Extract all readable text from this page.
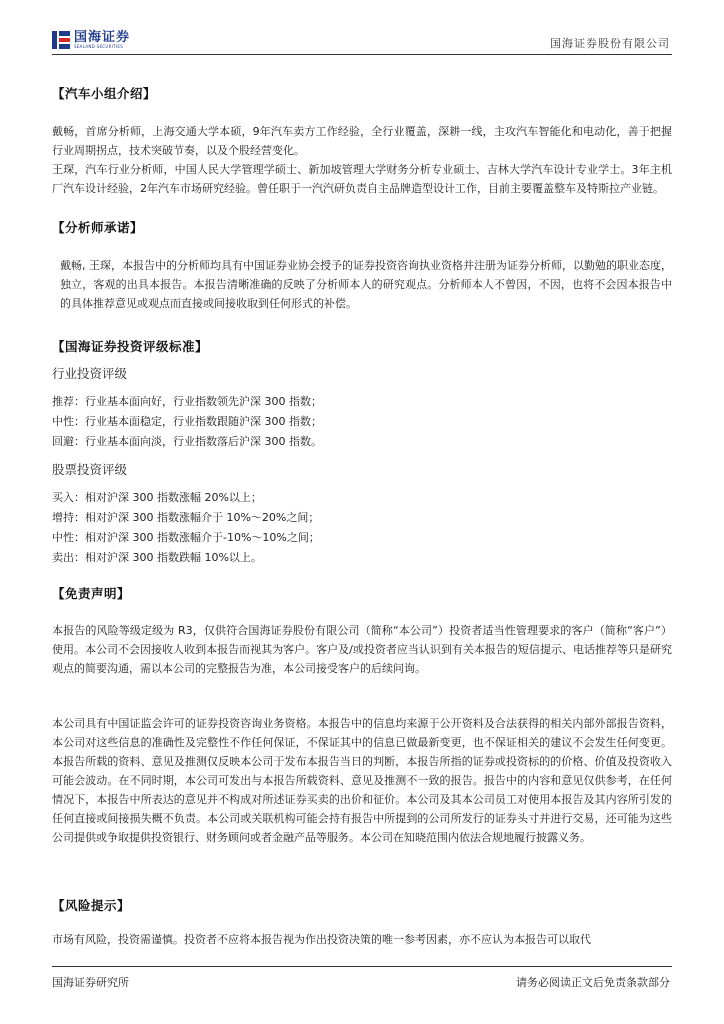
国海证券
SEALAND SECURITIES	国海证券股份有限公司
【汽车小组介绍】

戴畅，首席分析师，上海交通大学本硕，9年汽车卖方工作经验，全行业覆盖，深耕一线，主攻汽车智能化和电动化，善于把握行业周期拐点，技术突破节奏，以及个股经营变化。

王琛，汽车行业分析师，中国人民大学管理学硕士、新加坡管理大学财务分析专业硕士、吉林大学汽车设计专业学士。3年主机厂汽车设计经验，2年汽车市场研究经验。曾任职于一汽汽研负责自主品牌造型设计工作，目前主要覆盖整车及特斯拉产业链。

【分析师承诺】

戴畅, 王琛，本报告中的分析师均具有中国证券业协会授予的证券投资咨询执业资格并注册为证券分析师，以勤勉的职业态度，独立，客观的出具本报告。本报告清晰准确的反映了分析师本人的研究观点。分析师本人不曾因，不因，也将不会因本报告中的具体推荐意见或观点而直接或间接收取到任何形式的补偿。

【国海证券投资评级标准】
行业投资评级
推荐：行业基本面向好，行业指数领先沪深 300 指数；
中性：行业基本面稳定，行业指数跟随沪深 300 指数；
回避：行业基本面向淡，行业指数落后沪深 300 指数。
股票投资评级
买入：相对沪深 300 指数涨幅 20%以上；
增持：相对沪深 300 指数涨幅介于 10%～20%之间；
中性：相对沪深 300 指数涨幅介于-10%～10%之间；
卖出：相对沪深 300 指数跌幅 10%以上。
【免责声明】

本报告的风险等级定级为 R3，仅供符合国海证券股份有限公司（简称“本公司”）投资者适当性管理要求的客户（简称“客户”）使用。本公司不会因接收人收到本报告而视其为客户。客户及/或投资者应当认识到有关本报告的短信提示、电话推荐等只是研究观点的简要沟通，需以本公司的完整报告为准，本公司接受客户的后续问询。

本公司具有中国证监会许可的证券投资咨询业务资格。本报告中的信息均来源于公开资料及合法获得的相关内部外部报告资料，本公司对这些信息的准确性及完整性不作任何保证，不保证其中的信息已做最新变更，也不保证相关的建议不会发生任何变更。本报告所载的资料、意见及推测仅反映本公司于发布本报告当日的判断，本报告所指的证券或投资标的的价格、价值及投资收入可能会波动。在不同时期，本公司可发出与本报告所载资料、意见及推测不一致的报告。报告中的内容和意见仅供参考，在任何情况下，本报告中所表达的意见并不构成对所述证券买卖的出价和征价。本公司及其本公司员工对使用本报告及其内容所引发的任何直接或间接损失概不负责。本公司或关联机构可能会持有报告中所提到的公司所发行的证券头寸并进行交易，还可能为这些公司提供或争取提供投资银行、财务顾问或者金融产品等服务。本公司在知晓范围内依法合规地履行披露义务。

【风险提示】

市场有风险，投资需谨慎。投资者不应将本报告视为作出投资决策的唯一参考因素，亦不应认为本报告可以取代

国海证券研究所	请务必阅读正文后免责条款部分
